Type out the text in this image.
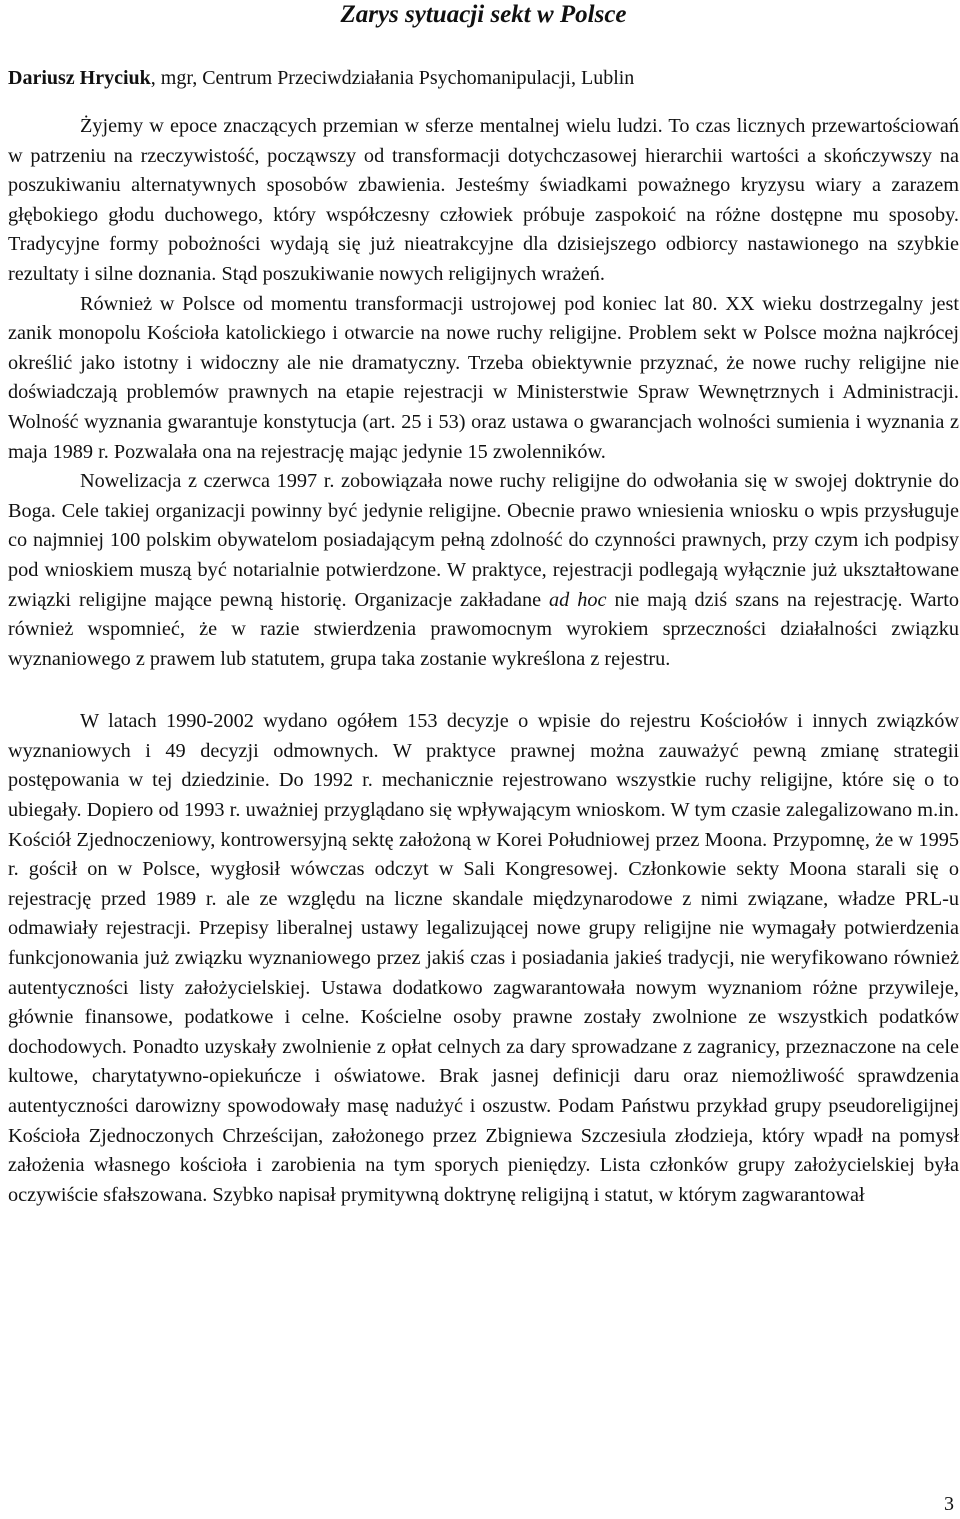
Zarys sytuacji sekt w Polsce

Dariusz Hryciuk, mgr, Centrum Przeciwdziałania Psychomanipulacji, Lublin

Żyjemy w epoce znaczących przemian w sferze mentalnej wielu ludzi. To czas licznych przewartościowań w patrzeniu na rzeczywistość, począwszy od transformacji dotychczasowej hierarchii wartości a skończywszy na poszukiwaniu alternatywnych sposobów zbawienia. Jesteśmy świadkami poważnego kryzysu wiary a zarazem głębokiego głodu duchowego, który współczesny człowiek próbuje zaspokoić na różne dostępne mu sposoby. Tradycyjne formy pobożności wydają się już nieatrakcyjne dla dzisiejszego odbiorcy nastawionego na szybkie rezultaty i silne doznania. Stąd poszukiwanie nowych religijnych wrażeń.

Również w Polsce od momentu transformacji ustrojowej pod koniec lat 80. XX wieku dostrzegalny jest zanik monopolu Kościoła katolickiego i otwarcie na nowe ruchy religijne. Problem sekt w Polsce można najkrócej określić jako istotny i widoczny ale nie dramatyczny. Trzeba obiektywnie przyznać, że nowe ruchy religijne nie doświadczają problemów prawnych na etapie rejestracji w Ministerstwie Spraw Wewnętrznych i Administracji. Wolność wyznania gwarantuje konstytucja (art. 25 i 53) oraz ustawa o gwarancjach wolności sumienia i wyznania z maja 1989 r. Pozwalała ona na rejestrację mając jedynie 15 zwolenników.

Nowelizacja z czerwca 1997 r. zobowiązała nowe ruchy religijne do odwołania się w swojej doktrynie do Boga. Cele takiej organizacji powinny być jedynie religijne. Obecnie prawo wniesienia wniosku o wpis przysługuje co najmniej 100 polskim obywatelom posiadającym pełną zdolność do czynności prawnych, przy czym ich podpisy pod wnioskiem muszą być notarialnie potwierdzone. W praktyce, rejestracji podlegają wyłącznie już ukształtowane związki religijne mające pewną historię. Organizacje zakładane ad hoc nie mają dziś szans na rejestrację. Warto również wspomnieć, że w razie stwierdzenia prawomocnym wyrokiem sprzeczności działalności związku wyznaniowego z prawem lub statutem, grupa taka zostanie wykreślona z rejestru.

W latach 1990-2002 wydano ogółem 153 decyzje o wpisie do rejestru Kościołów i innych związków wyznaniowych i 49 decyzji odmownych. W praktyce prawnej można zauważyć pewną zmianę strategii postępowania w tej dziedzinie. Do 1992 r. mechanicznie rejestrowano wszystkie ruchy religijne, które się o to ubiegały. Dopiero od 1993 r. uważniej przyglądano się wpływającym wnioskom. W tym czasie zalegalizowano m.in. Kościół Zjednoczeniowy, kontrowersyjną sektę założoną w Korei Południowej przez Moona. Przypomnę, że w 1995 r. gościł on w Polsce, wygłosił wówczas odczyt w Sali Kongresowej. Członkowie sekty Moona starali się o rejestrację przed 1989 r. ale ze względu na liczne skandale międzynarodowe z nimi związane, władze PRL-u odmawiały rejestracji. Przepisy liberalnej ustawy legalizującej nowe grupy religijne nie wymagały potwierdzenia funkcjonowania już związku wyznaniowego przez jakiś czas i posiadania jakieś tradycji, nie weryfikowano również autentyczności listy założycielskiej. Ustawa dodatkowo zagwarantowała nowym wyznaniom różne przywileje, głównie finansowe, podatkowe i celne. Kościelne osoby prawne zostały zwolnione ze wszystkich podatków dochodowych. Ponadto uzyskały zwolnienie z opłat celnych za dary sprowadzane z zagranicy, przeznaczone na cele kultowe, charytatywno-opiekuńcze i oświatowe. Brak jasnej definicji daru oraz niemożliwość sprawdzenia autentyczności darowizny spowodowały masę nadużyć i oszustw. Podam Państwu przykład grupy pseudoreligijnej Kościoła Zjednoczonych Chrześcijan, założonego przez Zbigniewa Szczesiula złodzieja, który wpadł na pomysł założenia własnego kościoła i zarobienia na tym sporych pieniędzy. Lista członków grupy założycielskiej była oczywiście sfałszowana. Szybko napisał prymitywną doktrynę religijną i statut, w którym zagwarantował

3
